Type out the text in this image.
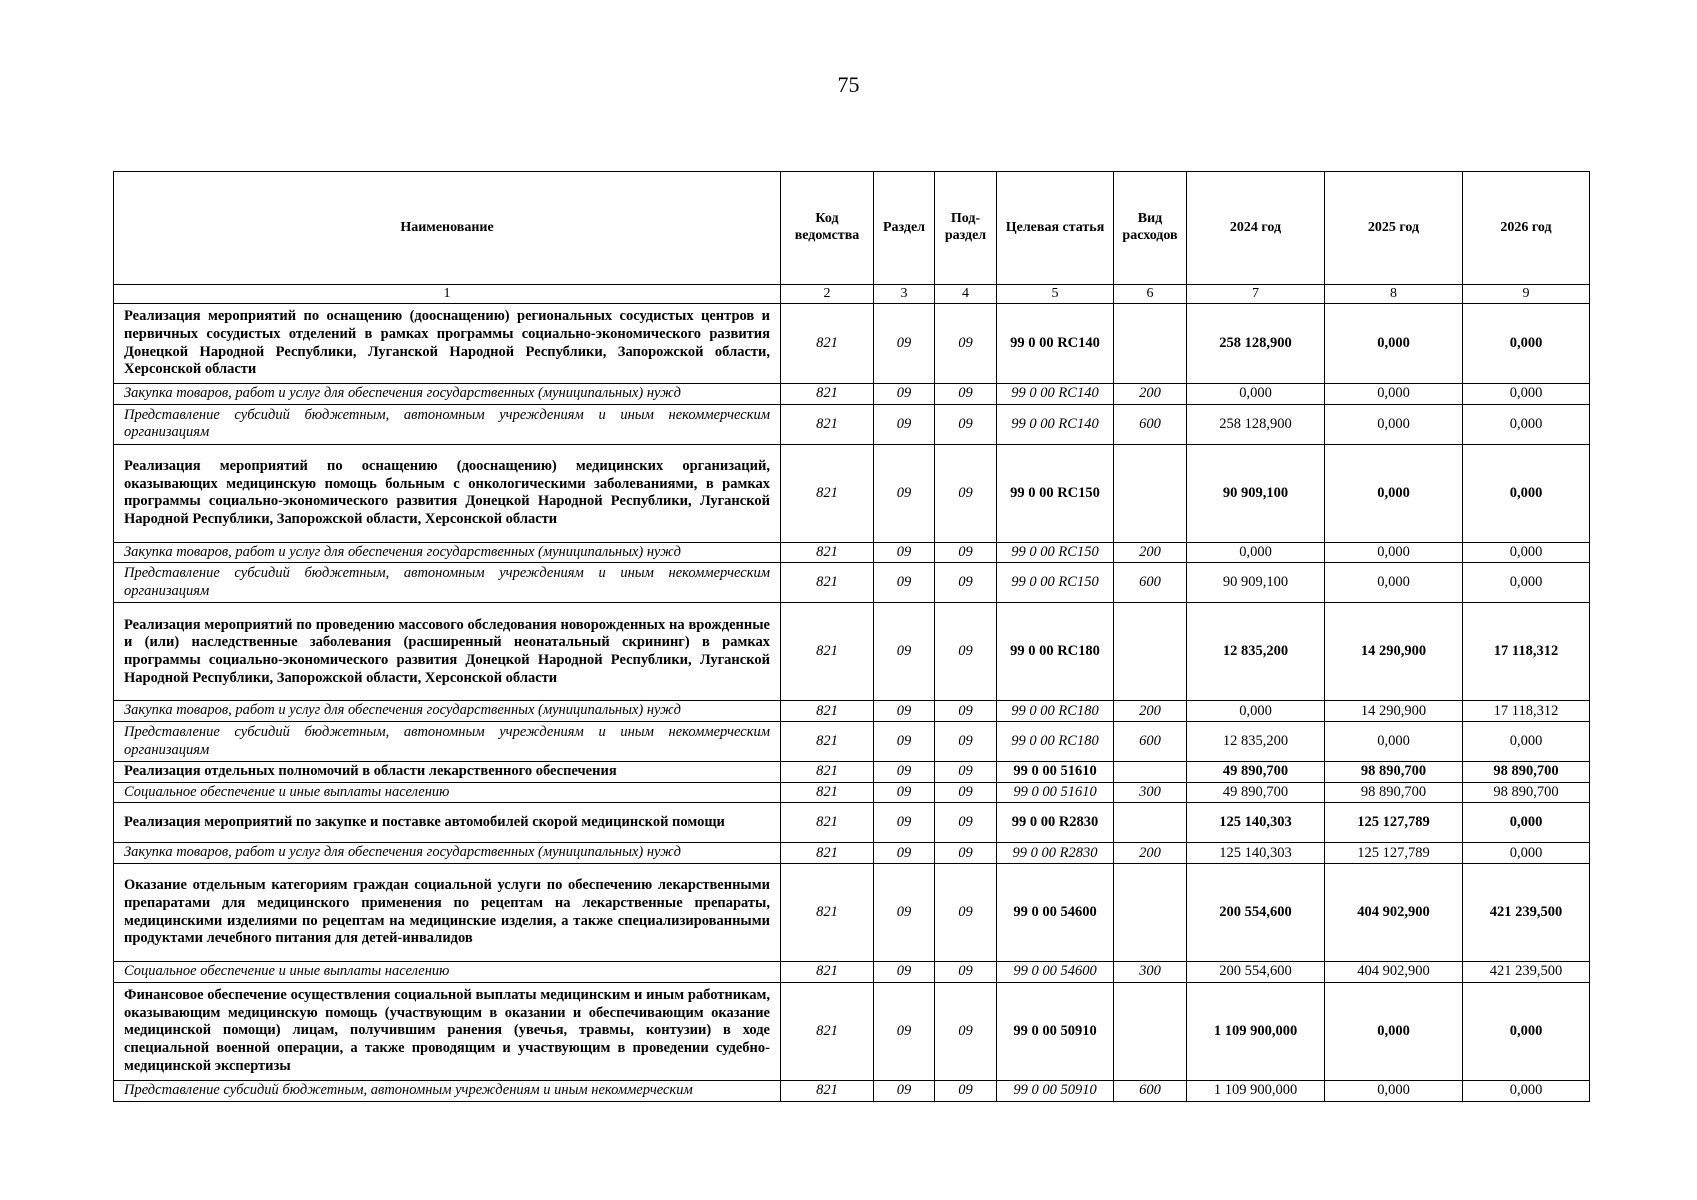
75
Наименование	Код ведомства	Раздел	Под-раздел	Целевая статья	Вид расходов	2024 год	2025 год	2026 год
1	2	3	4	5	6	7	8	9
Реализация мероприятий по оснащению (дооснащению) региональных сосудистых центров и первичных сосудистых отделений в рамках программы социально-экономического развития Донецкой Народной Республики, Луганской Народной Республики, Запорожской области, Херсонской области	821	09	09	99 0 00 RC140		258 128,900	0,000	0,000
Закупка товаров, работ и услуг для обеспечения государственных (муниципальных) нужд	821	09	09	99 0 00 RC140	200	0,000	0,000	0,000
Представление субсидий бюджетным, автономным учреждениям и иным некоммерческим организациям	821	09	09	99 0 00 RC140	600	258 128,900	0,000	0,000
Реализация мероприятий по оснащению (дооснащению) медицинских организаций, оказывающих медицинскую помощь больным с онкологическими заболеваниями, в рамках программы социально-экономического развития Донецкой Народной Республики, Луганской Народной Республики, Запорожской области, Херсонской области	821	09	09	99 0 00 RC150		90 909,100	0,000	0,000
Закупка товаров, работ и услуг для обеспечения государственных (муниципальных) нужд	821	09	09	99 0 00 RC150	200	0,000	0,000	0,000
Представление субсидий бюджетным, автономным учреждениям и иным некоммерческим организациям	821	09	09	99 0 00 RC150	600	90 909,100	0,000	0,000
Реализация мероприятий по проведению массового обследования новорожденных на врожденные и (или) наследственные заболевания (расширенный неонатальный скрининг) в рамках программы социально-экономического развития Донецкой Народной Республики, Луганской Народной Республики, Запорожской области, Херсонской области	821	09	09	99 0 00 RC180		12 835,200	14 290,900	17 118,312
Закупка товаров, работ и услуг для обеспечения государственных (муниципальных) нужд	821	09	09	99 0 00 RC180	200	0,000	14 290,900	17 118,312
Представление субсидий бюджетным, автономным учреждениям и иным некоммерческим организациям	821	09	09	99 0 00 RC180	600	12 835,200	0,000	0,000
Реализация отдельных полномочий в области лекарственного обеспечения	821	09	09	99 0 00 51610		49 890,700	98 890,700	98 890,700
Социальное обеспечение и иные выплаты населению	821	09	09	99 0 00 51610	300	49 890,700	98 890,700	98 890,700
Реализация мероприятий по закупке и поставке автомобилей скорой медицинской помощи	821	09	09	99 0 00 R2830		125 140,303	125 127,789	0,000
Закупка товаров, работ и услуг для обеспечения государственных (муниципальных) нужд	821	09	09	99 0 00 R2830	200	125 140,303	125 127,789	0,000
Оказание отдельным категориям граждан социальной услуги по обеспечению лекарственными препаратами для медицинского применения по рецептам на лекарственные препараты, медицинскими изделиями по рецептам на медицинские изделия, а также специализированными продуктами лечебного питания для детей-инвалидов	821	09	09	99 0 00 54600		200 554,600	404 902,900	421 239,500
Социальное обеспечение и иные выплаты населению	821	09	09	99 0 00 54600	300	200 554,600	404 902,900	421 239,500
Финансовое обеспечение осуществления социальной выплаты медицинским и иным работникам, оказывающим медицинскую помощь (участвующим в оказании и обеспечивающим оказание медицинской помощи) лицам, получившим ранения (увечья, травмы, контузии) в ходе специальной военной операции, а также проводящим и участвующим в проведении судебно-медицинской экспертизы	821	09	09	99 0 00 50910		1 109 900,000	0,000	0,000
Представление субсидий бюджетным, автономным учреждениям и иным некоммерческим	821	09	09	99 0 00 50910	600	1 109 900,000	0,000	0,000
